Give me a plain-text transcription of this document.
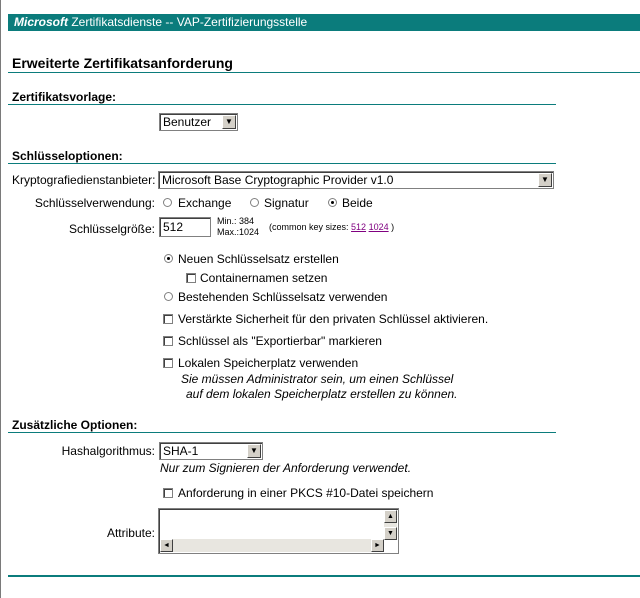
Microsoft Zertifikatsdienste -- VAP-Zertifizierungsstelle
Erweiterte Zertifikatsanforderung
Zertifikatsvorlage:
Benutzer	▼
Schlüsseloptionen:
Kryptografiedienstanbieter: Microsoft Base Cryptographic Provider v1.0	▼
Schlüsselverwendung: Exchange	Signatur	Beide
Schlüsselgröße: 512	Min.: 384
Max.:1024 (common key sizes: 512 1024 )
Neuen Schlüsselsatz erstellen
Containernamen setzen
Bestehenden Schlüsselsatz verwenden
Verstärkte Sicherheit für den privaten Schlüssel aktivieren.
Schlüssel als "Exportierbar" markieren
Lokalen Speicherplatz verwenden
Sie müssen Administrator sein, um einen Schlüssel
auf dem lokalen Speicherplatz erstellen zu können.
Zusätzliche Optionen:
Hashalgorithmus: SHA-1	▼
Nur zum Signieren der Anforderung verwendet.
Anforderung in einer PKCS #10-Datei speichern
Attribute:
▲
▼
◄	►
